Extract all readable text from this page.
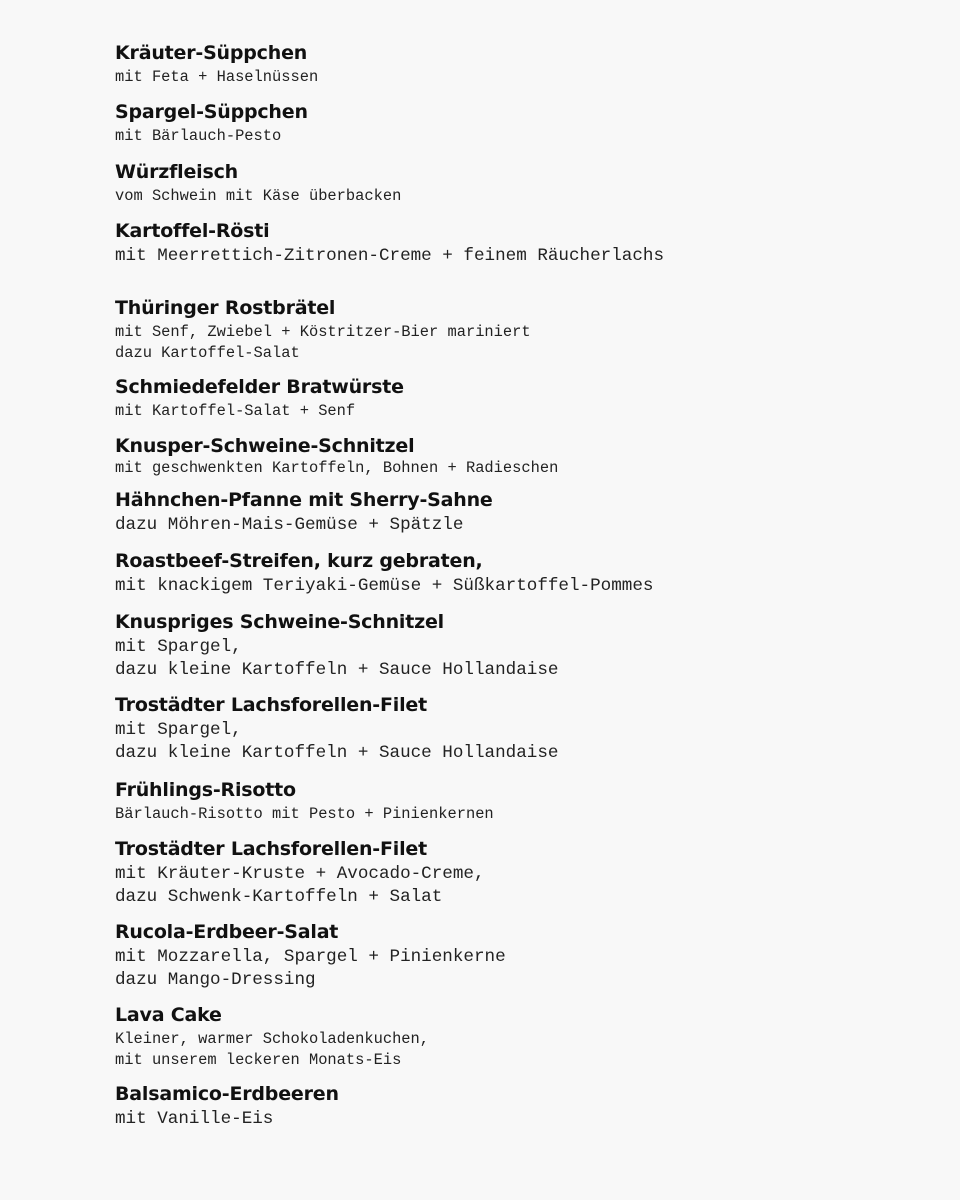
Kräuter-Süppchen
mit Feta + Haselnüssen
Spargel-Süppchen
mit Bärlauch-Pesto
Würzfleisch
vom Schwein mit Käse überbacken
Kartoffel-Rösti
mit Meerrettich-Zitronen-Creme + feinem Räucherlachs
Thüringer Rostbrätel
mit Senf, Zwiebel + Köstritzer-Bier mariniert
dazu Kartoffel-Salat
Schmiedefelder Bratwürste
mit Kartoffel-Salat + Senf
Knusper-Schweine-Schnitzel
mit geschwenkten Kartoffeln, Bohnen + Radieschen
Hähnchen-Pfanne mit Sherry-Sahne
dazu Möhren-Mais-Gemüse + Spätzle
Roastbeef-Streifen, kurz gebraten,
mit knackigem Teriyaki-Gemüse + Süßkartoffel-Pommes
Knuspriges Schweine-Schnitzel
mit Spargel,
dazu kleine Kartoffeln + Sauce Hollandaise
Trostädter Lachsforellen-Filet
mit Spargel,
dazu kleine Kartoffeln + Sauce Hollandaise
Frühlings-Risotto
Bärlauch-Risotto mit Pesto + Pinienkernen
Trostädter Lachsforellen-Filet
mit Kräuter-Kruste + Avocado-Creme,
dazu Schwenk-Kartoffeln + Salat
Rucola-Erdbeer-Salat
mit Mozzarella, Spargel + Pinienkerne
dazu Mango-Dressing
Lava Cake
Kleiner, warmer Schokoladenkuchen,
mit unserem leckeren Monats-Eis
Balsamico-Erdbeeren
mit Vanille-Eis
